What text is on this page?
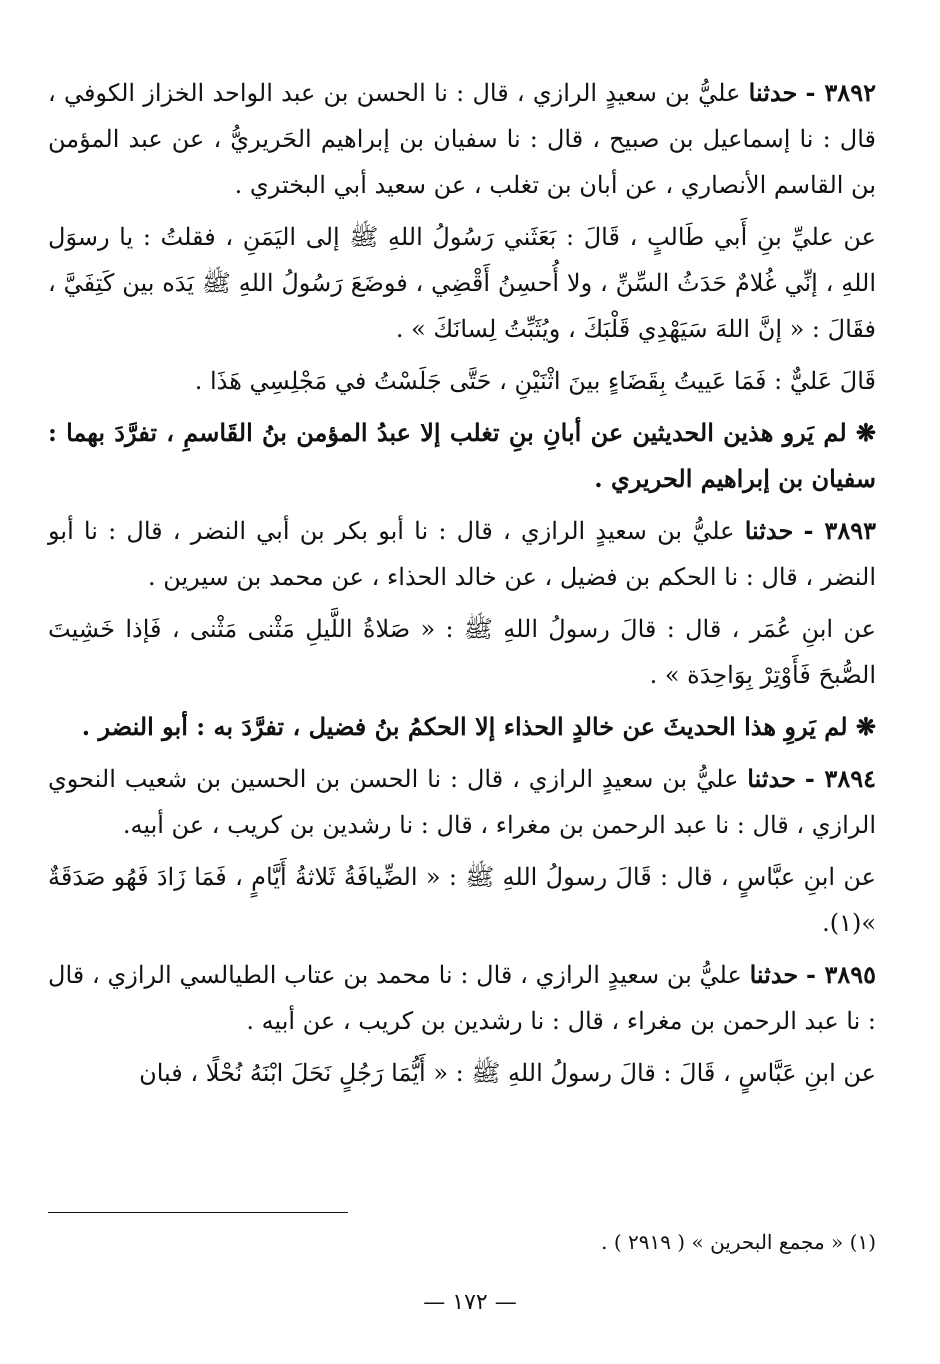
٣٨٩٢ - حدثنا عليُّ بن سعيدٍ الرازي ، قال : نا الحسن بن عبد الواحد الخزاز الكوفي ، قال : نا إسماعيل بن صبيح ، قال : نا سفيان بن إبراهيم الحَريريُّ ، عن عبد المؤمن بن القاسم الأنصاري ، عن أبان بن تغلب ، عن سعيد أبي البختري .

عن عليِّ بنِ أَبي طَالبٍ ، قَالَ : بَعَثَني رَسُولُ اللهِ ﷺ إلى اليَمَنِ ، فقلتُ : يا رسوَل اللهِ ، إنِّي غُلامٌ حَدَثُ السِّنِّ ، ولا أُحسِنُ أَقْضِي ، فوضَعَ رَسُولُ اللهِ ﷺ يَدَه بين كَتِفَيَّ ، فقَالَ : « إنَّ اللهَ سَيَهْدِي قَلْبَكَ ، ويُثَبِّتُ لِسانَكَ » .

قَالَ عَليٌّ : فَمَا عَييتُ بِقَضَاءٍ بينَ اثْنَيْنِ ، حَتَّى جَلَسْتُ في مَجْلِسِي هَذَا .

❋ لم يَرو هذين الحديثين عن أبانِ بنِ تغلب إلا عبدُ المؤمن بنُ القَاسمِ ، تفرَّدَ بهما : سفيان بن إبراهيم الحريري .

٣٨٩٣ - حدثنا عليُّ بن سعيدٍ الرازي ، قال : نا أبو بكر بن أبي النضر ، قال : نا أبو النضر ، قال : نا الحكم بن فضيل ، عن خالد الحذاء ، عن محمد بن سيرين .

عن ابنِ عُمَر ، قال : قالَ رسولُ اللهِ ﷺ : « صَلاةُ اللَّيلِ مَثْنى مَثْنى ، فَإذا خَشِيتَ الصُّبحَ فَأَوْتِرْ بِوَاحِدَة » .

❋ لم يَروِ هذا الحديثَ عن خالدٍ الحذاء إلا الحكمُ بنُ فضيل ، تفرَّدَ به : أبو النضر .

٣٨٩٤ - حدثنا عليُّ بن سعيدٍ الرازي ، قال : نا الحسن بن الحسين بن شعيب النحوي الرازي ، قال : نا عبد الرحمن بن مغراء ، قال : نا رشدين بن كريب ، عن أبيه.

عن ابنِ عبَّاسٍ ، قال : قَالَ رسولُ اللهِ ﷺ : « الضِّيافَةُ ثَلاثةُ أَيَّامٍ ، فَمَا زَادَ فَهُو صَدَقَةٌ »(١).

٣٨٩٥ - حدثنا عليُّ بن سعيدٍ الرازي ، قال : نا محمد بن عتاب الطيالسي الرازي ، قال : نا عبد الرحمن بن مغراء ، قال : نا رشدين بن كريب ، عن أبيه .

عن ابنِ عَبَّاسٍ ، قَالَ : قالَ رسولُ اللهِ ﷺ : « أَيُّمَا رَجُلٍ نَحَلَ ابْنَهُ نُحْلًا ، فبان

(١) « مجمع البحرين » ( ٢٩١٩ ) .
— ١٧٢ —
